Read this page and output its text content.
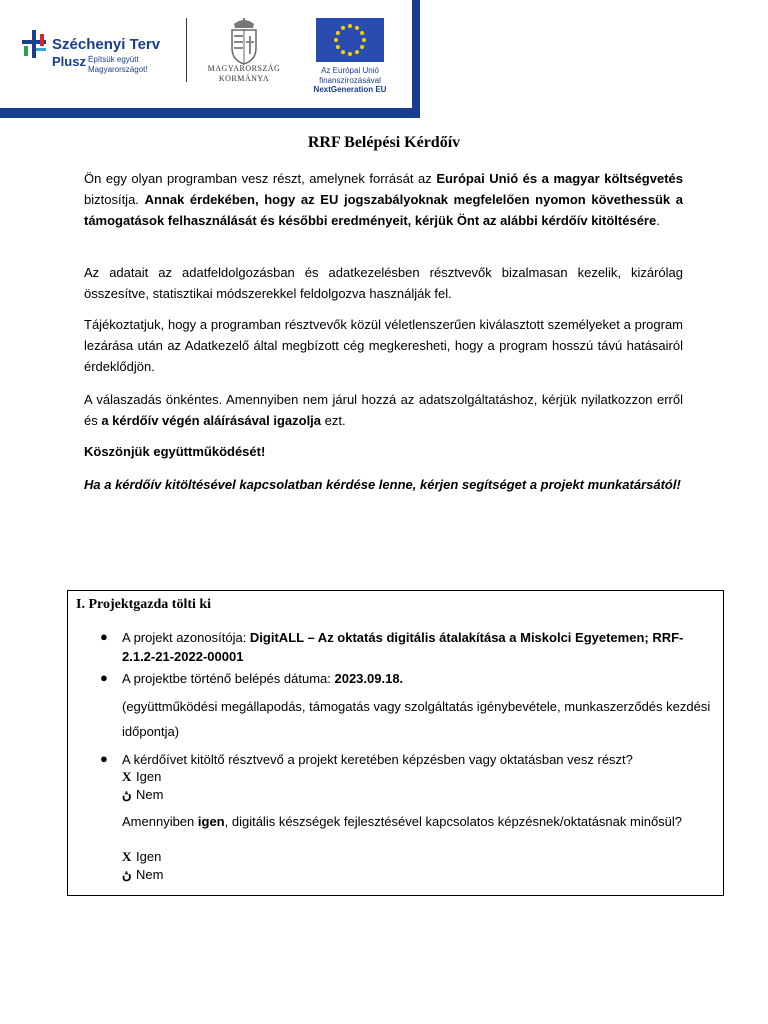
Széchenyi Terv
Plusz Építsük együtt
Magyarországot!	MAGYARORSZÁG
KORMÁNYA
Az Európai Unió
finanszírozásával
NextGeneration EU
RRF Belépési Kérdőív

Ön egy olyan programban vesz részt, amelynek forrását az Európai Unió és a magyar költségvetés biztosítja. Annak érdekében, hogy az EU jogszabályoknak megfelelően nyomon követhessük a támogatások felhasználását és későbbi eredményeit, kérjük Önt az alábbi kérdőív kitöltésére.

Az adatait az adatfeldolgozásban és adatkezelésben résztvevők bizalmasan kezelik, kizárólag összesítve, statisztikai módszerekkel feldolgozva használják fel.

Tájékoztatjuk, hogy a programban résztvevők közül véletlenszerűen kiválasztott személyeket a program lezárása után az Adatkezelő által megbízott cég megkeresheti, hogy a program hosszú távú hatásairól érdeklődjön.

A válaszadás önkéntes. Amennyiben nem járul hozzá az adatszolgáltatáshoz, kérjük nyilatkozzon erről és a kérdőív végén aláírásával igazolja ezt.

Köszönjük együttműködését!

Ha a kérdőív kitöltésével kapcsolatban kérdése lenne, kérjen segítséget a projekt munkatársától!

I. Projektgazda tölti ki
● A projekt azonosítója: DigitALL – Az oktatás digitális átalakítása a Miskolci Egyetemen; RRF-2.1.2-21-2022-00001
● A projektbe történő belépés dátuma: 2023.09.18.
(együttműködési megállapodás, támogatás vagy szolgáltatás igénybevétele, munkaszerződés kezdési időpontja)
● A kérdőívet kitöltő résztvevő a projekt keretében képzésben vagy oktatásban vesz részt?
X Igen
ڽ Nem
Amennyiben igen, digitális készségek fejlesztésével kapcsolatos képzésnek/oktatásnak minősül?
X Igen
ڽ Nem
